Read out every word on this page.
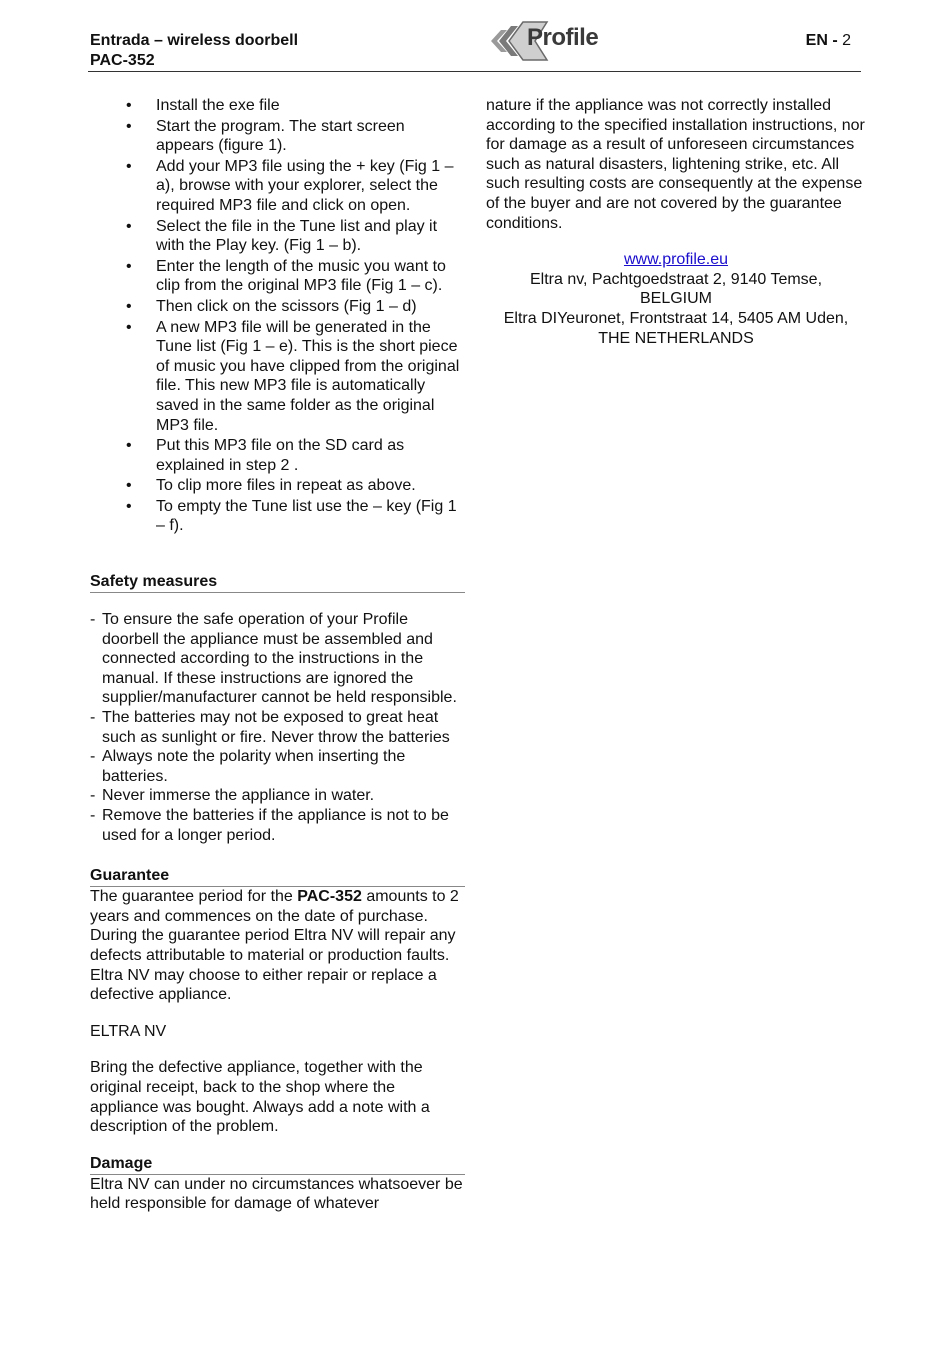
Entrada – wireless doorbell
PAC-352
Profile	EN - 2
• Install the exe file
• Start the program. The start screen appears (figure 1).
• Add your MP3 file using the + key (Fig 1 – a), browse with your explorer, select the required MP3 file and click on open.
• Select the file in the Tune list and play it with the Play key. (Fig 1 – b).
• Enter the length of the music you want to clip from the original MP3 file (Fig 1 – c).
• Then click on the scissors (Fig 1 – d)
• A new MP3 file will be generated in the Tune list (Fig 1 – e). This is the short piece of music you have clipped from the original file. This new MP3 file is automatically saved in the same folder as the original MP3 file.
• Put this MP3 file on the SD card as explained in step 2 .
• To clip more files in repeat as above.
• To empty the Tune list use the – key (Fig 1 – f).
Safety measures
- To ensure the safe operation of your Profile doorbell the appliance must be assembled and connected according to the instructions in the manual. If these instructions are ignored the supplier/manufacturer cannot be held responsible.
- The batteries may not be exposed to great heat such as sunlight or fire. Never throw the batteries
- Always note the polarity when inserting the batteries.
- Never immerse the appliance in water.
- Remove the batteries if the appliance is not to be used for a longer period.
Guarantee

The guarantee period for the PAC-352 amounts to 2 years and commences on the date of purchase. During the guarantee period Eltra NV will repair any defects attributable to material or production faults. Eltra NV may choose to either repair or replace a defective appliance.

ELTRA NV

Bring the defective appliance, together with the original receipt, back to the shop where the appliance was bought. Always add a note with a description of the problem.

Damage

Eltra NV can under no circumstances whatsoever be held responsible for damage of whatever

nature if the appliance was not correctly installed according to the specified installation instructions, nor for damage as a result of unforeseen circumstances such as natural disasters, lightening strike, etc. All such resulting costs are consequently at the expense of the buyer and are not covered by the guarantee conditions.

www.profile.eu
Eltra nv, Pachtgoedstraat 2, 9140 Temse,
BELGIUM
Eltra DIYeuronet, Frontstraat 14, 5405 AM Uden,
THE NETHERLANDS
